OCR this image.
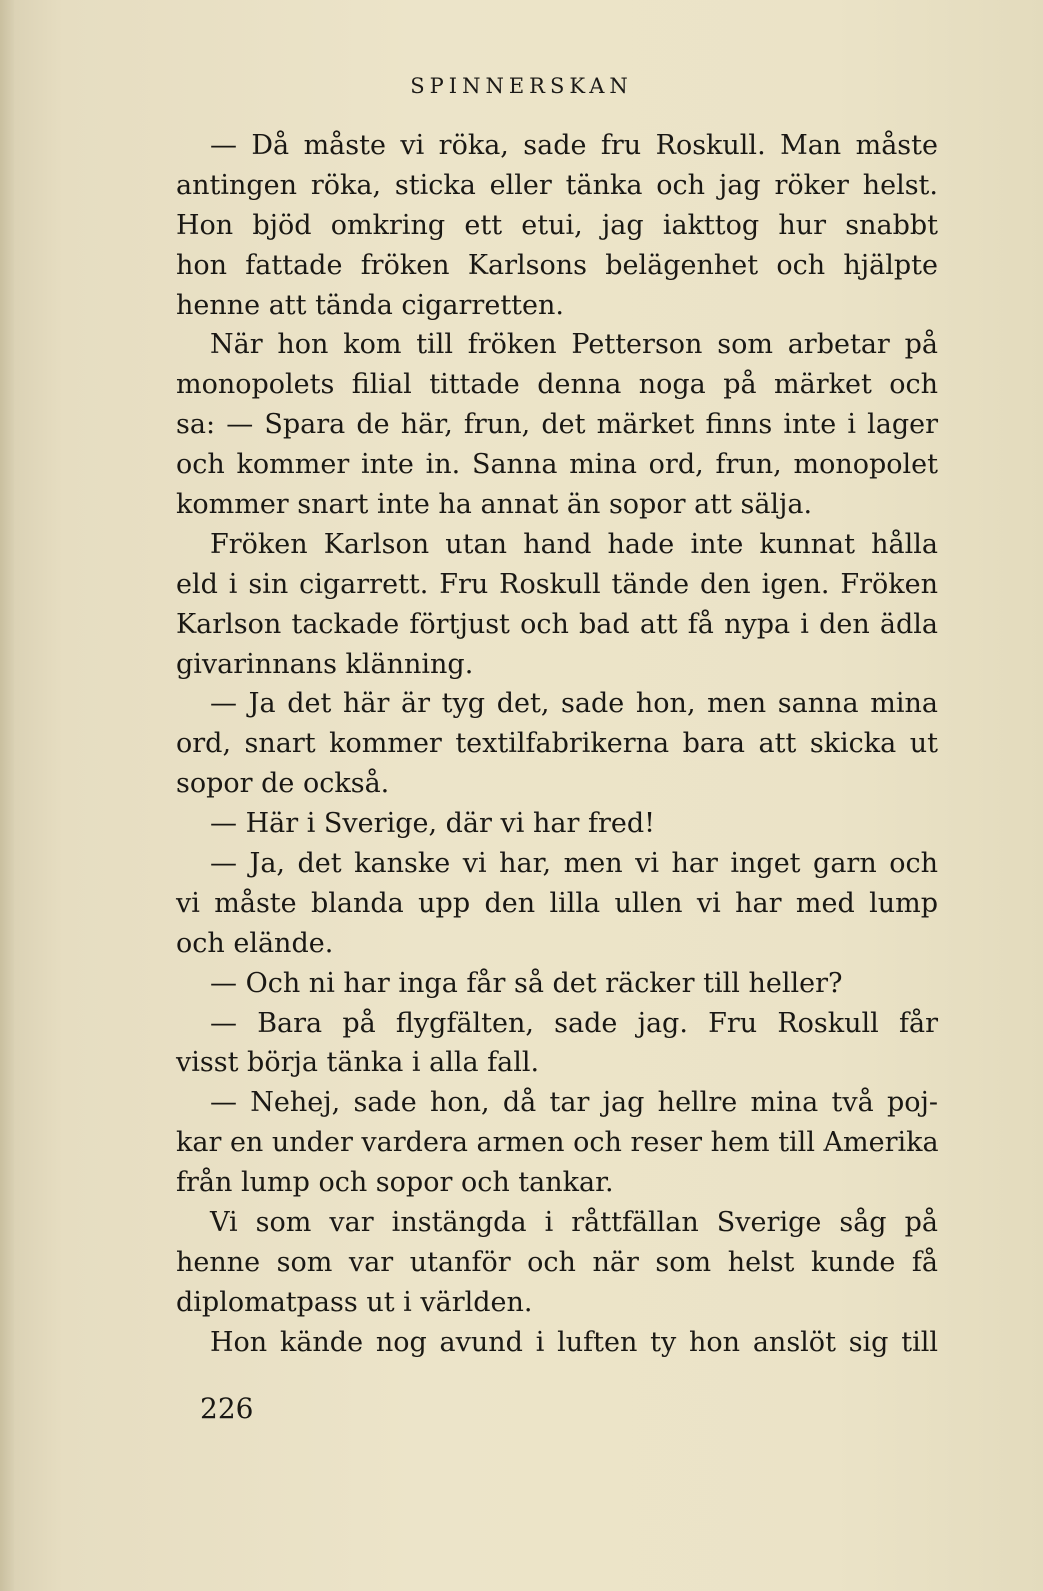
SPINNERSKAN
— Då måste vi röka, sade fru Roskull. Man måste
antingen röka, sticka eller tänka och jag röker helst.
Hon bjöd omkring ett etui, jag iakttog hur snabbt
hon fattade fröken Karlsons belägenhet och hjälpte
henne att tända cigarretten.
När hon kom till fröken Petterson som arbetar på
monopolets filial tittade denna noga på märket och
sa: — Spara de här, frun, det märket finns inte i lager
och kommer inte in. Sanna mina ord, frun, monopolet
kommer snart inte ha annat än sopor att sälja.
Fröken Karlson utan hand hade inte kunnat hålla
eld i sin cigarrett. Fru Roskull tände den igen. Fröken
Karlson tackade förtjust och bad att få nypa i den ädla
givarinnans klänning.
— Ja det här är tyg det, sade hon, men sanna mina
ord, snart kommer textilfabrikerna bara att skicka ut
sopor de också.
— Här i Sverige, där vi har fred!
— Ja, det kanske vi har, men vi har inget garn och
vi måste blanda upp den lilla ullen vi har med lump
och elände.
— Och ni har inga får så det räcker till heller?
— Bara på flygfälten, sade jag. Fru Roskull får
visst börja tänka i alla fall.
— Nehej, sade hon, då tar jag hellre mina två poj-
kar en under vardera armen och reser hem till Amerika
från lump och sopor och tankar.
Vi som var instängda i råttfällan Sverige såg på
henne som var utanför och när som helst kunde få
diplomatpass ut i världen.
Hon kände nog avund i luften ty hon anslöt sig till
226
